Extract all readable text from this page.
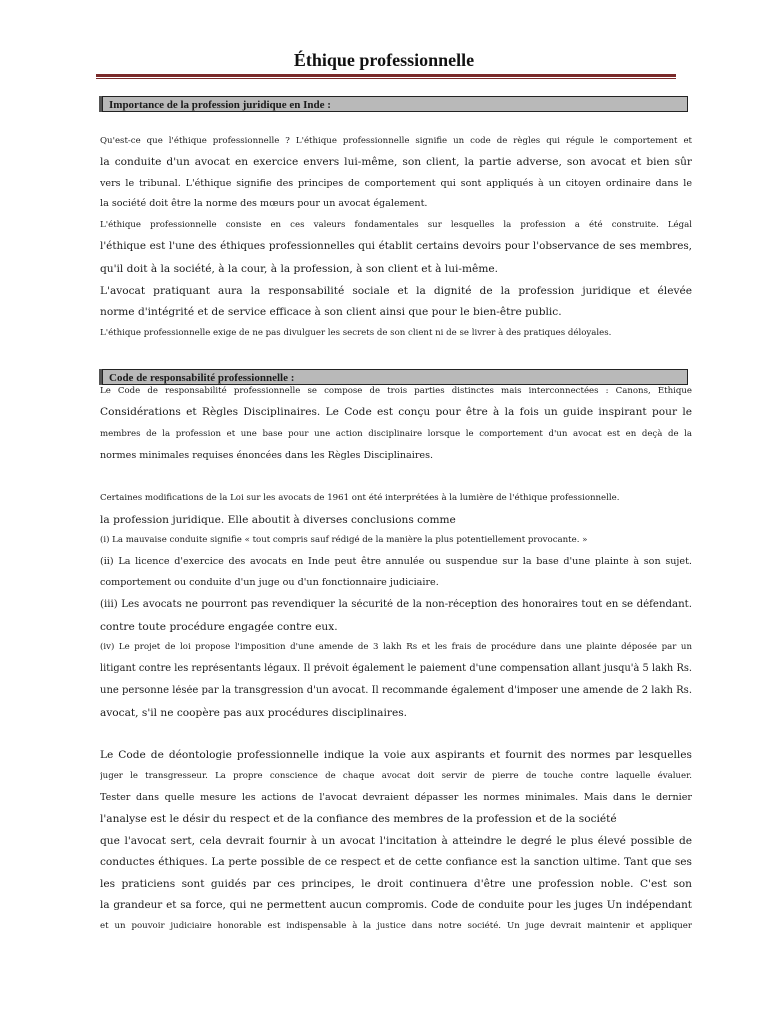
Éthique professionnelle
Importance de la profession juridique en Inde :
Qu'est-ce que l'éthique professionnelle ? L'éthique professionnelle signifie un code de règles qui régule le comportement et
la conduite d'un avocat en exercice envers lui-même, son client, la partie adverse, son avocat et bien sûr
vers le tribunal. L'éthique signifie des principes de comportement qui sont appliqués à un citoyen ordinaire dans le
la société doit être la norme des mœurs pour un avocat également.
L'éthique professionnelle consiste en ces valeurs fondamentales sur lesquelles la profession a été construite. Légal
l'éthique est l'une des éthiques professionnelles qui établit certains devoirs pour l'observance de ses membres,
qu'il doit à la société, à la cour, à la profession, à son client et à lui-même.
L'avocat pratiquant aura la responsabilité sociale et la dignité de la profession juridique et élevée
norme d'intégrité et de service efficace à son client ainsi que pour le bien-être public.
L'éthique professionnelle exige de ne pas divulguer les secrets de son client ni de se livrer à des pratiques déloyales.
Code de responsabilité professionnelle :
Le Code de responsabilité professionnelle se compose de trois parties distinctes mais interconnectées : Canons, Éthique
Considérations et Règles Disciplinaires. Le Code est conçu pour être à la fois un guide inspirant pour le
membres de la profession et une base pour une action disciplinaire lorsque le comportement d'un avocat est en deçà de la
normes minimales requises énoncées dans les Règles Disciplinaires.
Certaines modifications de la Loi sur les avocats de 1961 ont été interprétées à la lumière de l'éthique professionnelle.
la profession juridique. Elle aboutit à diverses conclusions comme
(i) La mauvaise conduite signifie « tout compris sauf rédigé de la manière la plus potentiellement provocante. »
(ii) La licence d'exercice des avocats en Inde peut être annulée ou suspendue sur la base d'une plainte à son sujet.
comportement ou conduite d'un juge ou d'un fonctionnaire judiciaire.
(iii) Les avocats ne pourront pas revendiquer la sécurité de la non-réception des honoraires tout en se défendant.
contre toute procédure engagée contre eux.
(iv) Le projet de loi propose l'imposition d'une amende de 3 lakh Rs et les frais de procédure dans une plainte déposée par un
litigant contre les représentants légaux. Il prévoit également le paiement d'une compensation allant jusqu'à 5 lakh Rs.
une personne lésée par la transgression d'un avocat. Il recommande également d'imposer une amende de 2 lakh Rs.
avocat, s'il ne coopère pas aux procédures disciplinaires.
Le Code de déontologie professionnelle indique la voie aux aspirants et fournit des normes par lesquelles
juger le transgresseur. La propre conscience de chaque avocat doit servir de pierre de touche contre laquelle évaluer.
Tester dans quelle mesure les actions de l'avocat devraient dépasser les normes minimales. Mais dans le dernier
l'analyse est le désir du respect et de la confiance des membres de la profession et de la société
que l'avocat sert, cela devrait fournir à un avocat l'incitation à atteindre le degré le plus élevé possible de
conductes éthiques. La perte possible de ce respect et de cette confiance est la sanction ultime. Tant que ses
les praticiens sont guidés par ces principes, le droit continuera d'être une profession noble. C'est son
la grandeur et sa force, qui ne permettent aucun compromis. Code de conduite pour les juges Un indépendant
et un pouvoir judiciaire honorable est indispensable à la justice dans notre société. Un juge devrait maintenir et appliquer
